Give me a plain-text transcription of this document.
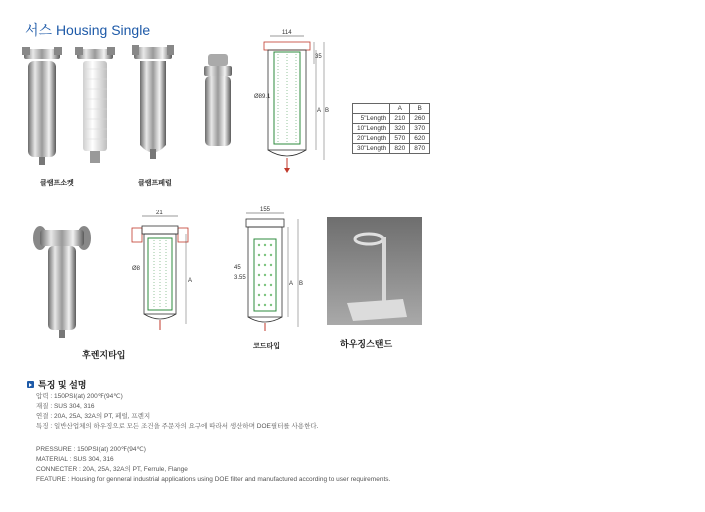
서스 Housing Single
클램프소켓	클램프페럴
114
Ø89.1
35
A B
		A	B
5"Length	210	260
10"Length	320	370
20"Length	570	620
30"Length	820	870
21
Ø8
A
155
45
3.55
A B
후렌지타입
코드타입	하우징스탠드
특징 및 설명
압력 : 150PSI(at) 200℉(94℃)
재질 : SUS 304, 316
연결 : 20A, 25A, 32A의 PT, 페럴, 프렌지
특징 : 일반산업체의 하우징으로 모든 조건을 주문자의 요구에 따라서 생산하며 DOE필터를 사용한다.
PRESSURE : 150PSI(at) 200℉(94℃)
MATERIAL : SUS 304, 316
CONNECTER : 20A, 25A, 32A의 PT, Ferrule, Flange
FEATURE : Housing for genneral industrial applications using DOE filter and manufactured according to user requirements.
